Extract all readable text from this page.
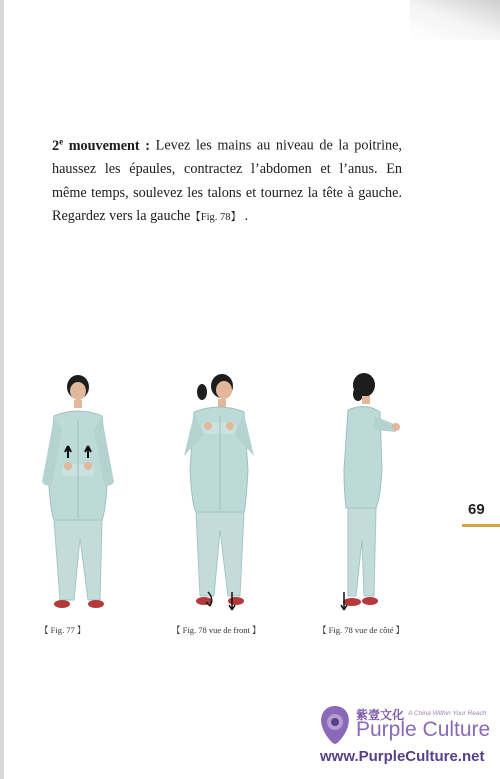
2e mouvement : Levez les mains au niveau de la poitrine, haussez les épaules, contractez l’abdomen et l’anus. En même temps, soulevez les talons et tournez la tête à gauche. Regardez vers la gauche【Fig. 78】 .

【 Fig. 77 】	【 Fig. 78 vue de front 】	【 Fig. 78 vue de côté 】
69
紫壹文化 A China Within Your Reach
Purple Culture
www.PurpleCulture.net
